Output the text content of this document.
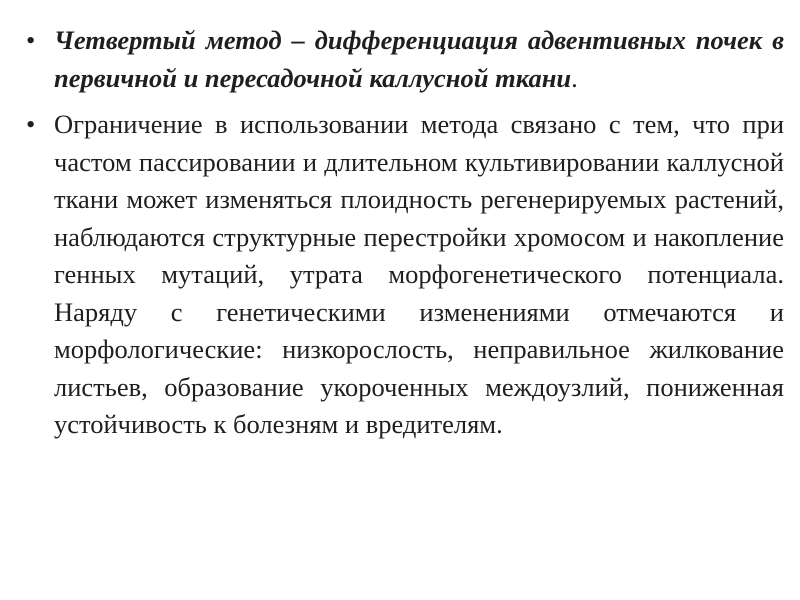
• Четвертый метод – дифференциация адвентивных почек в первичной и пересадочной каллусной ткани.
• Ограничение в использовании метода связано с тем, что при частом пассировании и длительном культивировании каллусной ткани может изменяться плоидность регенерируемых растений, наблюдаются структурные перестройки хромосом и накопление генных мутаций, утрата морфогенетического потенциала. Наряду с генетическими изменениями отмечаются и морфологические: низкорослость, неправильное жилкование листьев, образование укороченных междоузлий, пониженная устойчивость к болезням и вредителям.
